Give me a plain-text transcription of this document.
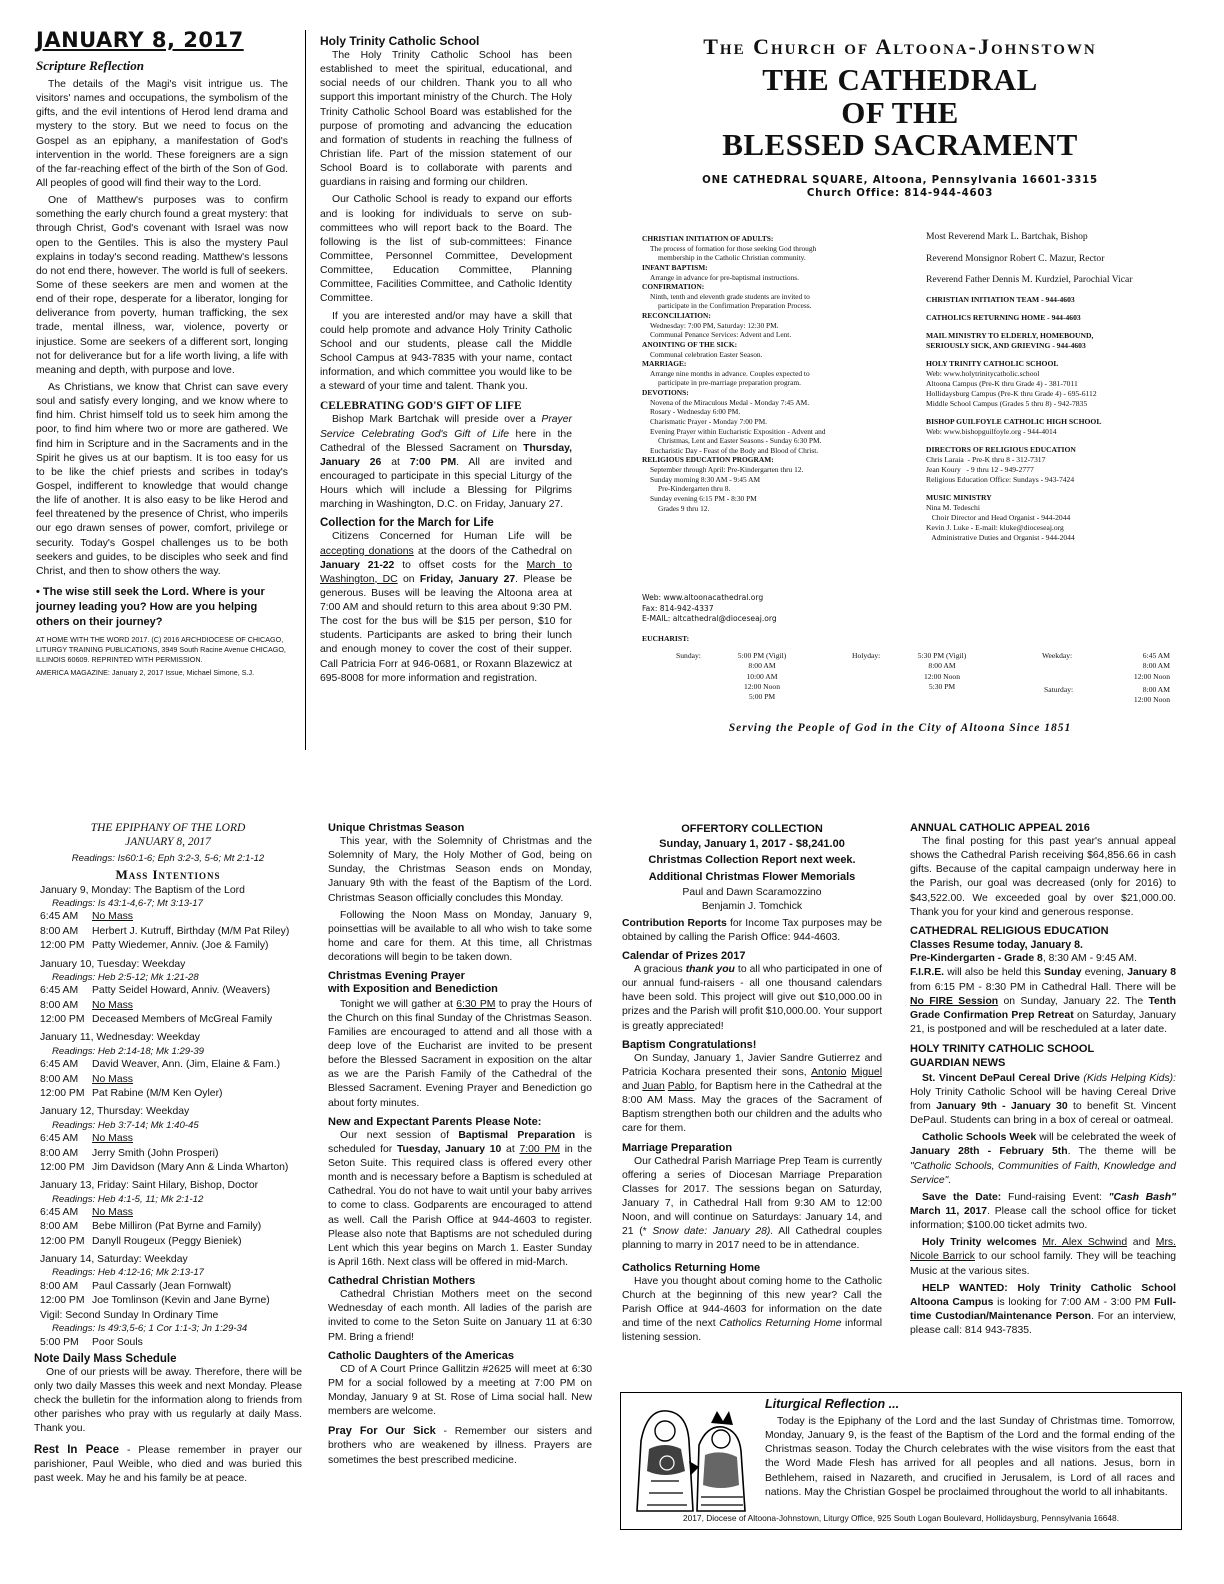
JANUARY 8, 2017
Scripture Reflection

The details of the Magi's visit intrigue us. The visitors' names and occupations, the symbolism of the gifts, and the evil intentions of Herod lend drama and mystery to the story. But we need to focus on the Gospel as an epiphany, a manifestation of God's intervention in the world. These foreigners are a sign of the far-reaching effect of the birth of the Son of God. All peoples of good will find their way to the Lord.

One of Matthew's purposes was to confirm something the early church found a great mystery: that through Christ, God's covenant with Israel was now open to the Gentiles. This is also the mystery Paul explains in today's second reading. Matthew's lessons do not end there, however. The world is full of seekers. Some of these seekers are men and women at the end of their rope, desperate for a liberator, longing for deliverance from poverty, human trafficking, the sex trade, mental illness, war, violence, poverty or injustice. Some are seekers of a different sort, longing not for deliverance but for a life worth living, a life with meaning and depth, with purpose and love.

As Christians, we know that Christ can save every soul and satisfy every longing, and we know where to find him. Christ himself told us to seek him among the poor, to find him where two or more are gathered. We find him in Scripture and in the Sacraments and in the Spirit he gives us at our baptism. It is too easy for us to be like the chief priests and scribes in today's Gospel, indifferent to knowledge that would change the life of another. It is also easy to be like Herod and feel threatened by the presence of Christ, who imperils our ego drawn senses of power, comfort, privilege or security. Today's Gospel challenges us to be both seekers and guides, to be disciples who seek and find Christ, and then to show others the way.

• The wise still seek the Lord. Where is your journey leading you? How are you helping others on their journey?
AT HOME WITH THE WORD 2017. (C) 2016 ARCHDIOCESE OF CHICAGO, LITURGY TRAINING PUBLICATIONS, 3949 South Racine Avenue CHICAGO, ILLINOIS 60609. REPRINTED WITH PERMISSION.
AMERICA MAGAZINE: January 2, 2017 Issue, Michael Simone, S.J.
Holy Trinity Catholic School

The Holy Trinity Catholic School has been established to meet the spiritual, educational, and social needs of our children. Thank you to all who support this important ministry of the Church. The Holy Trinity Catholic School Board was established for the purpose of promoting and advancing the education and formation of students in reaching the fullness of Christian life. Part of the mission statement of our School Board is to collaborate with parents and guardians in raising and forming our children.

Our Catholic School is ready to expand our efforts and is looking for individuals to serve on sub-committees who will report back to the Board. The following is the list of sub-committees: Finance Committee, Personnel Committee, Development Committee, Education Committee, Planning Committee, Facilities Committee, and Catholic Identity Committee.

If you are interested and/or may have a skill that could help promote and advance Holy Trinity Catholic School and our students, please call the Middle School Campus at 943-7835 with your name, contact information, and which committee you would like to be a steward of your time and talent. Thank you.

CELEBRATING GOD'S GIFT OF LIFE

Bishop Mark Bartchak will preside over a Prayer Service Celebrating God's Gift of Life here in the Cathedral of the Blessed Sacrament on Thursday, January 26 at 7:00 PM. All are invited and encouraged to participate in this special Liturgy of the Hours which will include a Blessing for Pilgrims marching in Washington, D.C. on Friday, January 27.

Collection for the March for Life

Citizens Concerned for Human Life will be accepting donations at the doors of the Cathedral on January 21-22 to offset costs for the March to Washington, DC on Friday, January 27. Please be generous. Buses will be leaving the Altoona area at 7:00 AM and should return to this area about 9:30 PM. The cost for the bus will be $15 per person, $10 for students. Participants are asked to bring their lunch and enough money to cover the cost of their supper. Call Patricia Forr at 946-0681, or Roxann Blazewicz at 695-8008 for more information and registration.

The Church of Altoona-Johnstown
THE CATHEDRAL
OF THE
BLESSED SACRAMENT
ONE CATHEDRAL SQUARE, Altoona, Pennsylvania 16601-3315
Church Office: 814-944-4603
CHRISTIAN INITIATION OF ADULTS:
The process of formation for those seeking God through
membership in the Catholic Christian community.
INFANT BAPTISM:
Arrange in advance for pre-baptismal instructions.
CONFIRMATION:
Ninth, tenth and eleventh grade students are invited to
participate in the Confirmation Preparation Process.
RECONCILIATION:
Wednesday: 7:00 PM, Saturday: 12:30 PM.
Communal Penance Services: Advent and Lent.
ANOINTING OF THE SICK:
Communal celebration Easter Season.
MARRIAGE:
Arrange nine months in advance. Couples expected to
participate in pre-marriage preparation program.
DEVOTIONS:
Novena of the Miraculous Medal - Monday 7:45 AM.
Rosary - Wednesday 6:00 PM.
Charismatic Prayer - Monday 7:00 PM.
Evening Prayer within Eucharistic Exposition - Advent and
Christmas, Lent and Easter Seasons - Sunday 6:30 PM.
Eucharistic Day - Feast of the Body and Blood of Christ.
RELIGIOUS EDUCATION PROGRAM:
September through April: Pre-Kindergarten thru 12.
Sunday morning 8:30 AM - 9:45 AM
Pre-Kindergarten thru 8.
Sunday evening 6:15 PM - 8:30 PM
Grades 9 thru 12.
Web: www.altoonacathedral.org
Fax: 814-942-4337
E-MAIL: altcathedral@dioceseaj.org
Most Reverend Mark L. Bartchak, Bishop
Reverend Monsignor Robert C. Mazur, Rector
Reverend Father Dennis M. Kurdziel, Parochial Vicar
CHRISTIAN INITIATION TEAM - 944-4603
CATHOLICS RETURNING HOME - 944-4603
MAIL MINISTRY TO ELDERLY, HOMEBOUND,
SERIOUSLY SICK, AND GRIEVING - 944-4603
HOLY TRINITY CATHOLIC SCHOOL
Web: www.holytrinitycatholic.school
Altoona Campus (Pre-K thru Grade 4) - 381-7011
Hollidaysburg Campus (Pre-K thru Grade 4) - 695-6112
Middle School Campus (Grades 5 thru 8) - 942-7835
BISHOP GUILFOYLE CATHOLIC HIGH SCHOOL
Web: www.bishopguilfoyle.org - 944-4014
DIRECTORS OF RELIGIOUS EDUCATION
Chris Laraia  - Pre-K thru 8 - 312-7317
Jean Koury   - 9 thru 12 - 949-2777
Religious Education Office: Sundays - 943-7424
MUSIC MINISTRY
Nina M. Tedeschi
Choir Director and Head Organist - 944-2044
Kevin J. Luke - E-mail: kluke@dioceseaj.org
Administrative Duties and Organist - 944-2044
EUCHARIST:
Sunday:	5:00 PM (Vigil)
8:00 AM
10:00 AM
12:00 Noon
5:00 PM
Holyday:	5:30 PM (Vigil)
8:00 AM
12:00 Noon
5:30 PM
Weekday:	6:45 AM
8:00 AM
12:00 Noon
Saturday:	8:00 AM
12:00 Noon
Serving the People of God in the City of Altoona Since 1851
THE EPIPHANY OF THE LORD
JANUARY 8, 2017
Readings: Is60:1-6; Eph 3:2-3, 5-6; Mt 2:1-12
Mass Intentions
January 9, Monday: The Baptism of the Lord
Readings: Is 43:1-4,6-7; Mt 3:13-17
6:45 AM	No Mass
8:00 AM	Herbert J. Kutruff, Birthday (M/M Pat Riley)
12:00 PM Patty Wiedemer, Anniv. (Joe & Family)
January 10, Tuesday: Weekday
Readings: Heb 2:5-12; Mk 1:21-28
6:45 AM	Patty Seidel Howard, Anniv. (Weavers)
8:00 AM	No Mass
12:00 PM Deceased Members of McGreal Family
January 11, Wednesday: Weekday
Readings: Heb 2:14-18; Mk 1:29-39
6:45 AM	David Weaver, Ann. (Jim, Elaine & Fam.)
8:00 AM	No Mass
12:00 PM Pat Rabine (M/M Ken Oyler)
January 12, Thursday: Weekday
Readings: Heb 3:7-14; Mk 1:40-45
6:45 AM	No Mass
8:00 AM	Jerry Smith (John Prosperi)
12:00 PM Jim Davidson (Mary Ann & Linda Wharton)
January 13, Friday: Saint Hilary, Bishop, Doctor
Readings: Heb 4:1-5, 11; Mk 2:1-12
6:45 AM	No Mass
8:00 AM	Bebe Milliron (Pat Byrne and Family)
12:00 PM Danyll Rougeux (Peggy Bieniek)
January 14, Saturday: Weekday
Readings: Heb 4:12-16; Mk 2:13-17
8:00 AM	Paul Cassarly (Jean Fornwalt)
12:00 PM Joe Tomlinson (Kevin and Jane Byrne)
Vigil: Second Sunday In Ordinary Time
Readings: Is 49:3,5-6; 1 Cor 1:1-3; Jn 1:29-34
5:00 PM	Poor Souls
Note Daily Mass Schedule

One of our priests will be away. Therefore, there will be only two daily Masses this week and next Monday. Please check the bulletin for the information along to friends from other parishes who pray with us regularly at daily Mass. Thank you.

Rest In Peace - Please remember in prayer our parishioner, Paul Weible, who died and was buried this past week. May he and his family be at peace.

Unique Christmas Season

This year, with the Solemnity of Christmas and the Solemnity of Mary, the Holy Mother of God, being on Sunday, the Christmas Season ends on Monday, January 9th with the feast of the Baptism of the Lord. Christmas Season officially concludes this Monday.

Following the Noon Mass on Monday, January 9, poinsettias will be available to all who wish to take some home and care for them. At this time, all Christmas decorations will begin to be taken down.

Christmas Evening Prayer
with Exposition and Benediction

Tonight we will gather at 6:30 PM to pray the Hours of the Church on this final Sunday of the Christmas Season. Families are encouraged to attend and all those with a deep love of the Eucharist are invited to be present before the Blessed Sacrament in exposition on the altar as we are the Parish Family of the Cathedral of the Blessed Sacrament. Evening Prayer and Benediction go about forty minutes.

New and Expectant Parents Please Note:

Our next session of Baptismal Preparation is scheduled for Tuesday, January 10 at 7:00 PM in the Seton Suite. This required class is offered every other month and is necessary before a Baptism is scheduled at Cathedral. You do not have to wait until your baby arrives to come to class. Godparents are encouraged to attend as well. Call the Parish Office at 944-4603 to register. Please also note that Baptisms are not scheduled during Lent which this year begins on March 1. Easter Sunday is April 16th. Next class will be offered in mid-March.

Cathedral Christian Mothers

Cathedral Christian Mothers meet on the second Wednesday of each month. All ladies of the parish are invited to come to the Seton Suite on January 11 at 6:30 PM. Bring a friend!

Catholic Daughters of the Americas

CD of A Court Prince Gallitzin #2625 will meet at 6:30 PM for a social followed by a meeting at 7:00 PM on Monday, January 9 at St. Rose of Lima social hall. New members are welcome.

Pray For Our Sick - Remember our sisters and brothers who are weakened by illness. Prayers are sometimes the best prescribed medicine.

OFFERTORY COLLECTION
Sunday, January 1, 2017 - $8,241.00
Christmas Collection Report next week.
Additional Christmas Flower Memorials
Paul and Dawn Scaramozzino
Benjamin J. Tomchick

Contribution Reports for Income Tax purposes may be obtained by calling the Parish Office: 944-4603.

Calendar of Prizes 2017

A gracious thank you to all who participated in one of our annual fund-raisers - all one thousand calendars have been sold. This project will give out $10,000.00 in prizes and the Parish will profit $10,000.00. Your support is greatly appreciated!

Baptism Congratulations!

On Sunday, January 1, Javier Sandre Gutierrez and Patricia Kochara presented their sons, Antonio Miguel and Juan Pablo, for Baptism here in the Cathedral at the 8:00 AM Mass. May the graces of the Sacrament of Baptism strengthen both our children and the adults who care for them.

Marriage Preparation

Our Cathedral Parish Marriage Prep Team is currently offering a series of Diocesan Marriage Preparation Classes for 2017. The sessions began on Saturday, January 7, in Cathedral Hall from 9:30 AM to 12:00 Noon, and will continue on Saturdays: January 14, and 21 (* Snow date: January 28). All Cathedral couples planning to marry in 2017 need to be in attendance.

Catholics Returning Home

Have you thought about coming home to the Catholic Church at the beginning of this new year? Call the Parish Office at 944-4603 for information on the date and time of the next Catholics Returning Home informal listening session.

ANNUAL CATHOLIC APPEAL 2016

The final posting for this past year's annual appeal shows the Cathedral Parish receiving $64,856.66 in cash gifts. Because of the capital campaign underway here in the Parish, our goal was decreased (only for 2016) to $43,522.00. We exceeded goal by over $21,000.00. Thank you for your kind and generous response.

CATHEDRAL RELIGIOUS EDUCATION
Classes Resume today, January 8.

Pre-Kindergarten - Grade 8, 8:30 AM - 9:45 AM.
F.I.R.E. will also be held this Sunday evening, January 8 from 6:15 PM - 8:30 PM in Cathedral Hall. There will be No FIRE Session on Sunday, January 22. The Tenth Grade Confirmation Prep Retreat on Saturday, January 21, is postponed and will be rescheduled at a later date.

HOLY TRINITY CATHOLIC SCHOOL
GUARDIAN NEWS

St. Vincent DePaul Cereal Drive (Kids Helping Kids): Holy Trinity Catholic School will be having Cereal Drive from January 9th - January 30 to benefit St. Vincent DePaul. Students can bring in a box of cereal or oatmeal.

Catholic Schools Week will be celebrated the week of January 28th - February 5th. The theme will be "Catholic Schools, Communities of Faith, Knowledge and Service".

Save the Date: Fund-raising Event: "Cash Bash" March 11, 2017. Please call the school office for ticket information; $100.00 ticket admits two.

Holy Trinity welcomes Mr. Alex Schwind and Mrs. Nicole Barrick to our school family. They will be teaching Music at the various sites.

HELP WANTED: Holy Trinity Catholic School Altoona Campus is looking for 7:00 AM - 3:00 PM Full-time Custodian/Maintenance Person. For an interview, please call: 814 943-7835.

Liturgical Reflection ...

Today is the Epiphany of the Lord and the last Sunday of Christmas time. Tomorrow, Monday, January 9, is the feast of the Baptism of the Lord and the formal ending of the Christmas season. Today the Church celebrates with the wise visitors from the east that the Word Made Flesh has arrived for all peoples and all nations. Jesus, born in Bethlehem, raised in Nazareth, and crucified in Jerusalem, is Lord of all races and nations. May the Christian Gospel be proclaimed throughout the world to all inhabitants.

2017, Diocese of Altoona-Johnstown, Liturgy Office, 925 South Logan Boulevard, Hollidaysburg, Pennsylvania 16648.
